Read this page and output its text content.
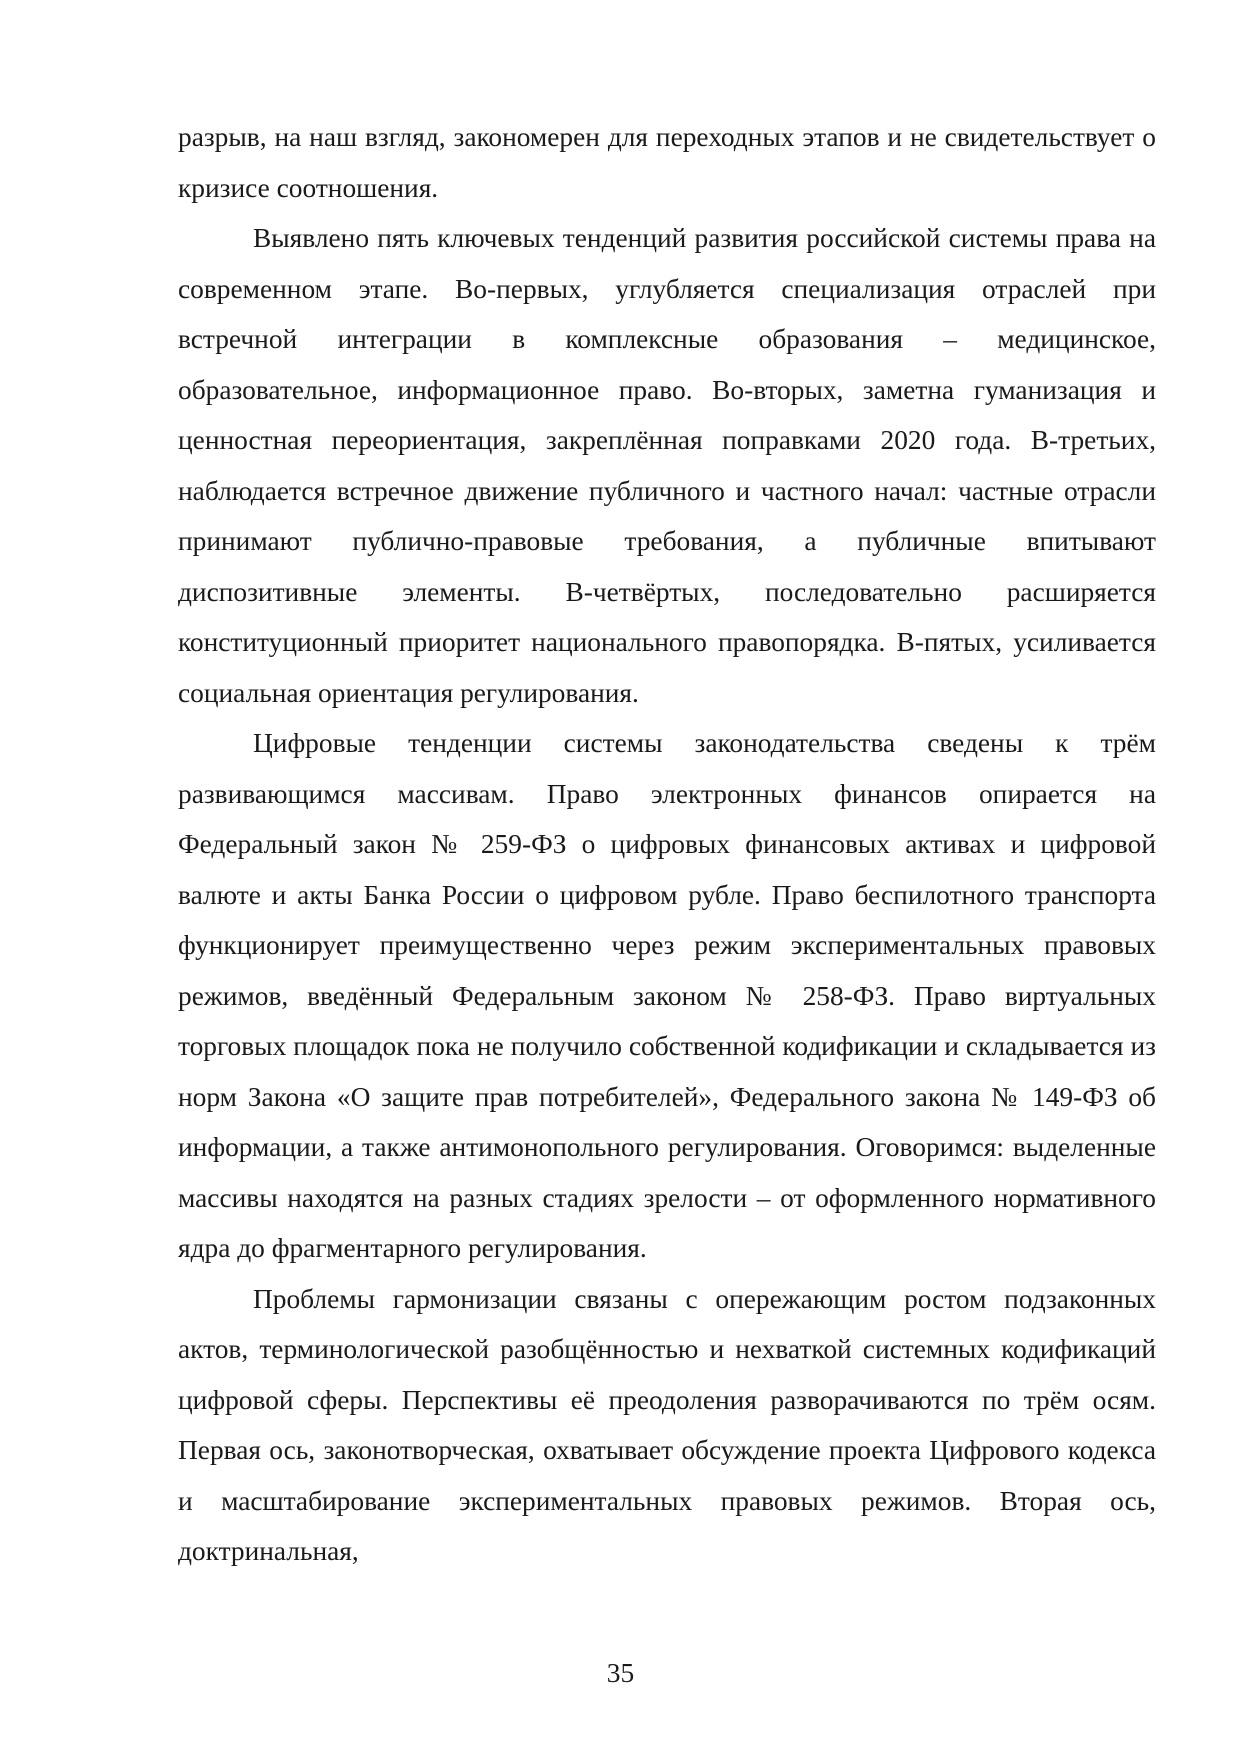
разрыв, на наш взгляд, закономерен для переходных этапов и не свидетельствует о кризисе соотношения.

Выявлено пять ключевых тенденций развития российской системы права на современном этапе. Во-первых, углубляется специализация отраслей при встречной интеграции в комплексные образования – медицинское, образовательное, информационное право. Во-вторых, заметна гуманизация и ценностная переориентация, закреплённая поправками 2020 года. В-третьих, наблюдается встречное движение публичного и частного начал: частные отрасли принимают публично-правовые требования, а публичные впитывают диспозитивные элементы. В-четвёртых, последовательно расширяется конституционный приоритет национального правопорядка. В-пятых, усиливается социальная ориентация регулирования.

Цифровые тенденции системы законодательства сведены к трём развивающимся массивам. Право электронных финансов опирается на Федеральный закон № 259-ФЗ о цифровых финансовых активах и цифровой валюте и акты Банка России о цифровом рубле. Право беспилотного транспорта функционирует преимущественно через режим экспериментальных правовых режимов, введённый Федеральным законом № 258-ФЗ. Право виртуальных торговых площадок пока не получило собственной кодификации и складывается из норм Закона «О защите прав потребителей», Федерального закона № 149-ФЗ об информации, а также антимонопольного регулирования. Оговоримся: выделенные массивы находятся на разных стадиях зрелости – от оформленного нормативного ядра до фрагментарного регулирования.

Проблемы гармонизации связаны с опережающим ростом подзаконных актов, терминологической разобщённостью и нехваткой системных кодификаций цифровой сферы. Перспективы её преодоления разворачиваются по трём осям. Первая ось, законотворческая, охватывает обсуждение проекта Цифрового кодекса и масштабирование экспериментальных правовых режимов. Вторая ось, доктринальная,

35
